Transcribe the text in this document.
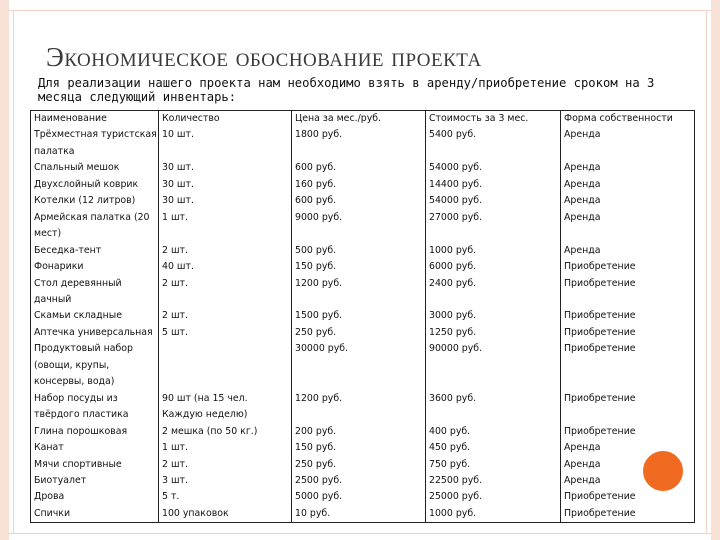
Экономическое обоснование проекта

Для реализации нашего проекта нам необходимо взять в аренду/приобретение сроком на 3 месяца следующий инвентарь:

Наименование	Количество	Цена за мес./руб.	Стоимость за 3 мес.	Форма собственности
Трёхместная туристская палатка	10 шт.	1800 руб.	5400 руб.	Аренда
Спальный мешок	30 шт.	600 руб.	54000 руб.	Аренда
Двухслойный коврик	30 шт.	160 руб.	14400 руб.	Аренда
Котелки (12 литров)	30 шт.	600 руб.	54000 руб.	Аренда
Армейская палатка (20 мест)	1 шт.	9000 руб.	27000 руб.	Аренда
Беседка-тент	2 шт.	500 руб.	1000 руб.	Аренда
Фонарики	40 шт.	150 руб.	6000 руб.	Приобретение
Стол деревянный дачный	2 шт.	1200 руб.	2400 руб.	Приобретение
Скамьи складные	2 шт.	1500 руб.	3000 руб.	Приобретение
Аптечка универсальная	5 шт.	250 руб.	1250 руб.	Приобретение
Продуктовый набор (овощи, крупы, консервы, вода)		30000 руб.	90000 руб.	Приобретение
Набор посуды из твёрдого пластика	90 шт (на 15 чел. Каждую неделю)	1200 руб.	3600 руб.	Приобретение
Глина порошковая	2 мешка (по 50 кг.)	200 руб.	400 руб.	Приобретение
Канат	1 шт.	150 руб.	450 руб.	Аренда
Мячи спортивные	2 шт.	250 руб.	750 руб.	Аренда
Биотуалет	3 шт.	2500 руб.	22500 руб.	Аренда
Дрова	5 т.	5000 руб.	25000 руб.	Приобретение
Спички	100 упаковок	10 руб.	1000 руб.	Приобретение
